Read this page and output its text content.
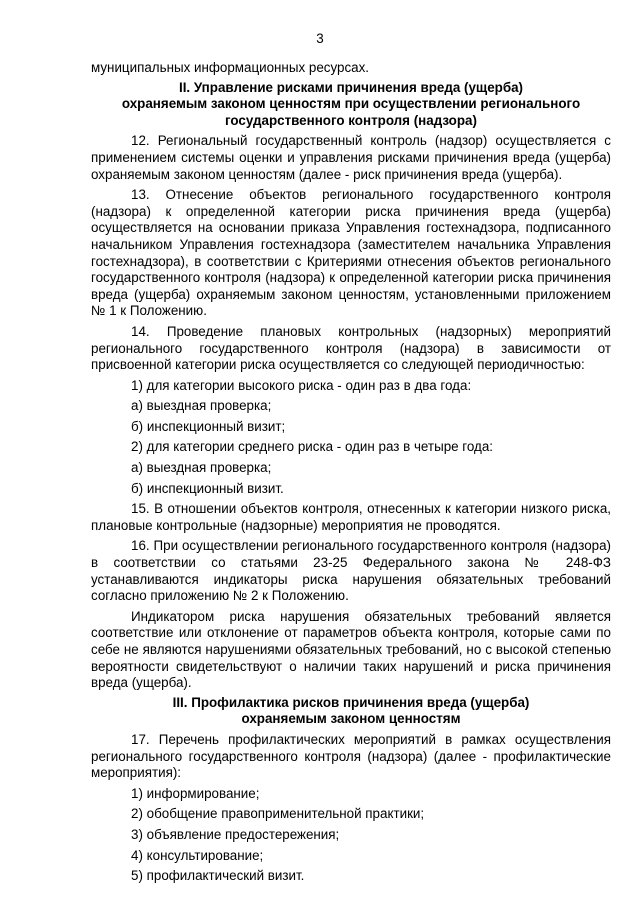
3

муниципальных информационных ресурсах.

II. Управление рисками причинения вреда (ущерба)

охраняемым законом ценностям при осуществлении регионального

государственного контроля (надзора)

12. Региональный государственный контроль (надзор) осуществляется с применением системы оценки и управления рисками причинения вреда (ущерба) охраняемым законом ценностям (далее - риск причинения вреда (ущерба).

13. Отнесение объектов регионального государственного контроля (надзора) к определенной категории риска причинения вреда (ущерба) осуществляется на основании приказа Управления гостехнадзора, подписанного начальником Управления гостехнадзора (заместителем начальника Управления гостехнадзора), в соответствии с Критериями отнесения объектов регионального государственного контроля (надзора) к определенной категории риска причинения вреда (ущерба) охраняемым законом ценностям, установленными приложением № 1 к Положению.

14. Проведение плановых контрольных (надзорных) мероприятий регионального государственного контроля (надзора) в зависимости от присвоенной категории риска осуществляется со следующей периодичностью:

1) для категории высокого риска - один раз в два года:

а) выездная проверка;

б) инспекционный визит;

2) для категории среднего риска - один раз в четыре года:

а) выездная проверка;

б) инспекционный визит.

15. В отношении объектов контроля, отнесенных к категории низкого риска, плановые контрольные (надзорные) мероприятия не проводятся.

16. При осуществлении регионального государственного контроля (надзора) в соответствии со статьями 23-25 Федерального закона № 248-ФЗ устанавливаются индикаторы риска нарушения обязательных требований согласно приложению № 2 к Положению.

Индикатором риска нарушения обязательных требований является соответствие или отклонение от параметров объекта контроля, которые сами по себе не являются нарушениями обязательных требований, но с высокой степенью вероятности свидетельствуют о наличии таких нарушений и риска причинения вреда (ущерба).

III. Профилактика рисков причинения вреда (ущерба)

охраняемым законом ценностям

17. Перечень профилактических мероприятий в рамках осуществления регионального государственного контроля (надзора) (далее - профилактические мероприятия):

1) информирование;

2) обобщение правоприменительной практики;

3) объявление предостережения;

4) консультирование;

5) профилактический визит.
